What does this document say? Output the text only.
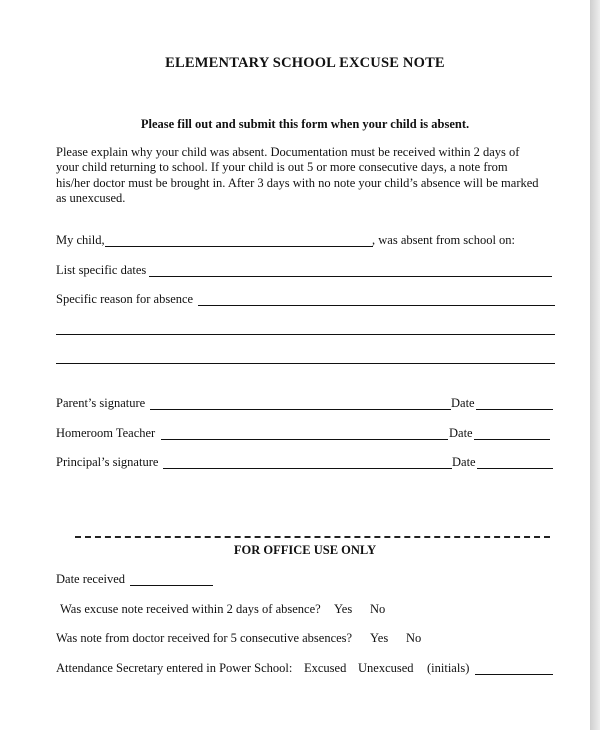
ELEMENTARY SCHOOL EXCUSE NOTE
Please fill out and submit this form when your child is absent.
Please explain why your child was absent. Documentation must be received within 2 days of
your child returning to school. If your child is out 5 or more consecutive days, a note from
his/her doctor must be brought in. After 3 days with no note your child’s absence will be marked
as unexcused.
My child,	, was absent from school on:
List specific dates
Specific reason for absence
Parent’s signature	Date
Homeroom Teacher	Date
Principal’s signature	Date
FOR OFFICE USE ONLY
Date received
Was excuse note received within 2 days of absence? Yes No
Was note from doctor received for 5 consecutive absences? Yes No
Attendance Secretary entered in Power School: Excused Unexcused (initials)
